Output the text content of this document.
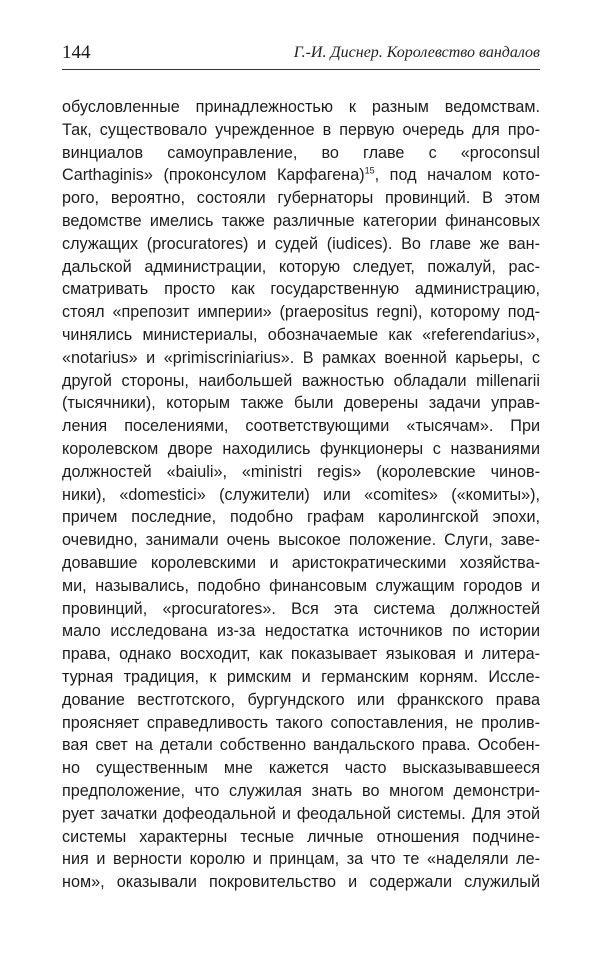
144	Г.-И. Диснер. Королевство вандалов
обусловленные принадлежностью к разным ведомствам.
Так, существовало учрежденное в первую очередь для про-
винциалов самоуправление, во главе с «proconsul
Carthaginis» (проконсулом Карфагена)$^{15}$, под началом кото-
рого, вероятно, состояли губернаторы провинций. В этом
ведомстве имелись также различные категории финансовых
служащих (procuratores) и судей (iudices). Во главе же ван-
дальской администрации, которую следует, пожалуй, рас-
сматривать просто как государственную администрацию,
стоял «препозит империи» (praepositus regni), которому под-
чинялись министериалы, обозначаемые как «referendarius»,
«notarius» и «primiscriniarius». В рамках военной карьеры, с
другой стороны, наибольшей важностью обладали millenarii
(тысячники), которым также были доверены задачи управ-
ления поселениями, соответствующими «тысячам». При
королевском дворе находились функционеры с названиями
должностей «baiuli», «ministri regis» (королевские чинов-
ники), «domestici» (служители) или «comites» («комиты»),
причем последние, подобно графам каролингской эпохи,
очевидно, занимали очень высокое положение. Слуги, заве-
довавшие королевскими и аристократическими хозяйства-
ми, назывались, подобно финансовым служащим городов и
провинций, «procuratores». Вся эта система должностей
мало исследована из-за недостатка источников по истории
права, однако восходит, как показывает языковая и литера-
турная традиция, к римским и германским корням. Иссле-
дование вестготского, бургундского или франкского права
проясняет справедливость такого сопоставления, не пролив-
вая свет на детали собственно вандальского права. Особен-
но существенным мне кажется часто высказывавшееся
предположение, что служилая знать во многом демонстри-
рует зачатки дофеодальной и феодальной системы. Для этой
системы характерны тесные личные отношения подчине-
ния и верности королю и принцам, за что те «наделяли ле-
ном», оказывали покровительство и содержали служилый
